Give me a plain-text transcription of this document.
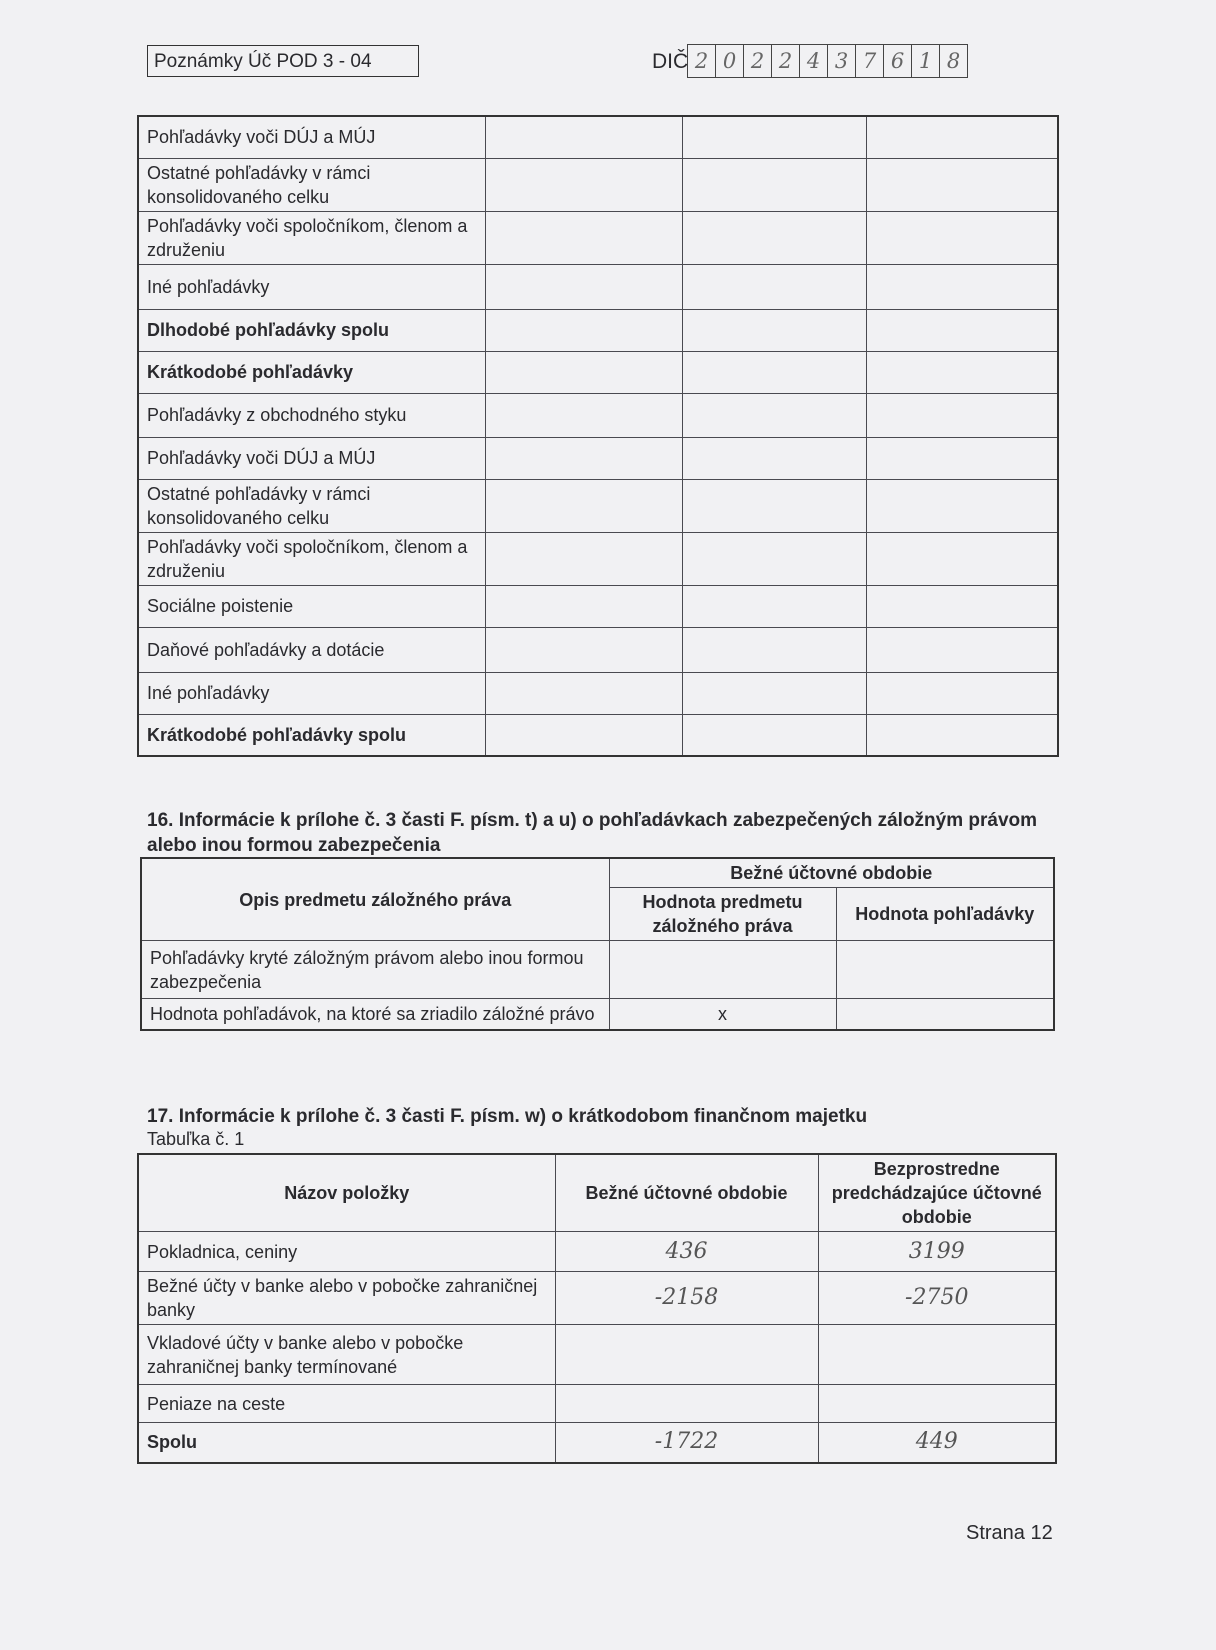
Poznámky Úč POD 3 - 04	DIČ 2 0 2 2 4 3 7 6 1 8
Pohľadávky voči DÚJ a MÚJ			
Ostatné pohľadávky v rámci konsolidovaného celku			
Pohľadávky voči spoločníkom, členom a združeniu			
Iné pohľadávky			
Dlhodobé pohľadávky spolu			
Krátkodobé pohľadávky			
Pohľadávky z obchodného styku			
Pohľadávky voči DÚJ a MÚJ			
Ostatné pohľadávky v rámci konsolidovaného celku			
Pohľadávky voči spoločníkom, členom a združeniu			
Sociálne poistenie			
Daňové pohľadávky a dotácie			
Iné pohľadávky			
Krátkodobé pohľadávky spolu			
16. Informácie k prílohe č. 3 časti F. písm. t) a u) o pohľadávkach zabezpečených záložným právom alebo inou formou zabezpečenia
Opis predmetu záložného práva	Bežné účtovné obdobie	
	Hodnota predmetu záložného práva	Hodnota pohľadávky
Pohľadávky kryté záložným právom alebo inou formou zabezpečenia		
Hodnota pohľadávok, na ktoré sa zriadilo záložné právo	x	
17. Informácie k prílohe č. 3 časti F. písm. w) o krátkodobom finančnom majetku
Tabuľka č. 1
Názov položky	Bežné účtovné obdobie	Bezprostredne predchádzajúce účtovné obdobie
Pokladnica, ceniny	436	3199
Bežné účty v banke alebo v pobočke zahraničnej banky	-2158	-2750
Vkladové účty v banke alebo v pobočke zahraničnej banky termínované		
Peniaze na ceste		
Spolu	-1722	449
Strana 12
